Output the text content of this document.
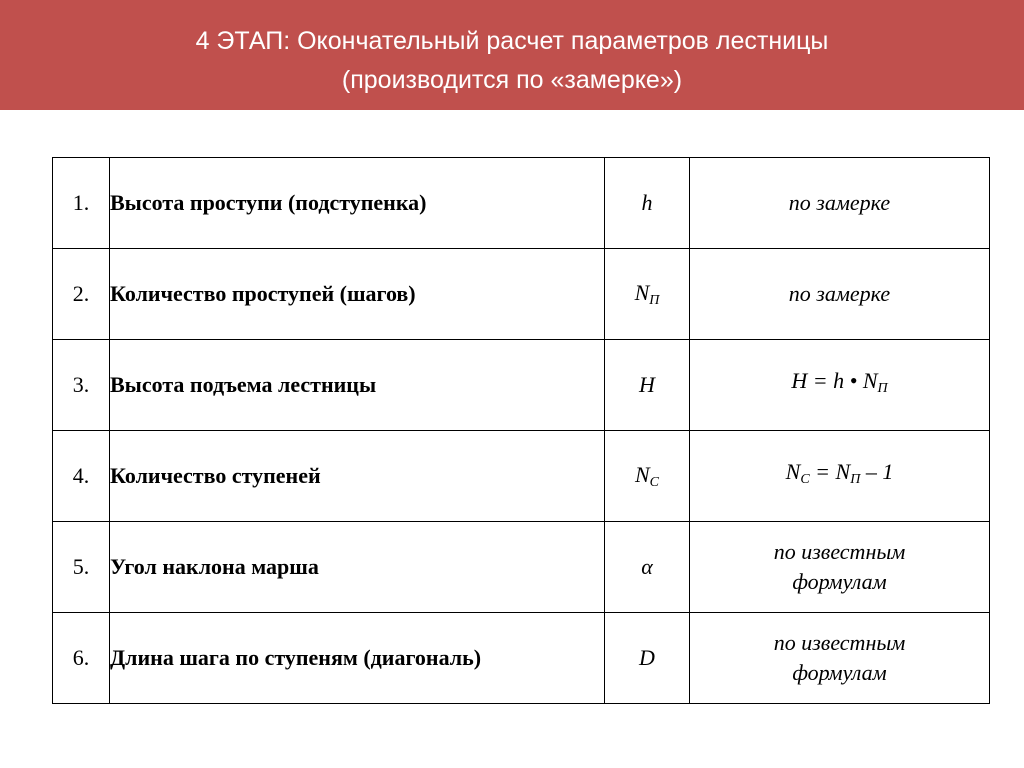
4 ЭТАП: Окончательный расчет параметров лестницы
(производится по «замерке»)
1.	Высота проступи (подступенка)	h	по замерке

2.	Количество проступей (шагов)	$N_П$	по замерке

3.	Высота подъема лестницы	H	H = h • $N_П$

4.	Количество ступеней	$N_С$	$N_С = N_П - 1$

5.	Угол наклона марша	α	по известным
формулам

6.	Длина шага по ступеням (диагональ)	D	по известным
формулам
